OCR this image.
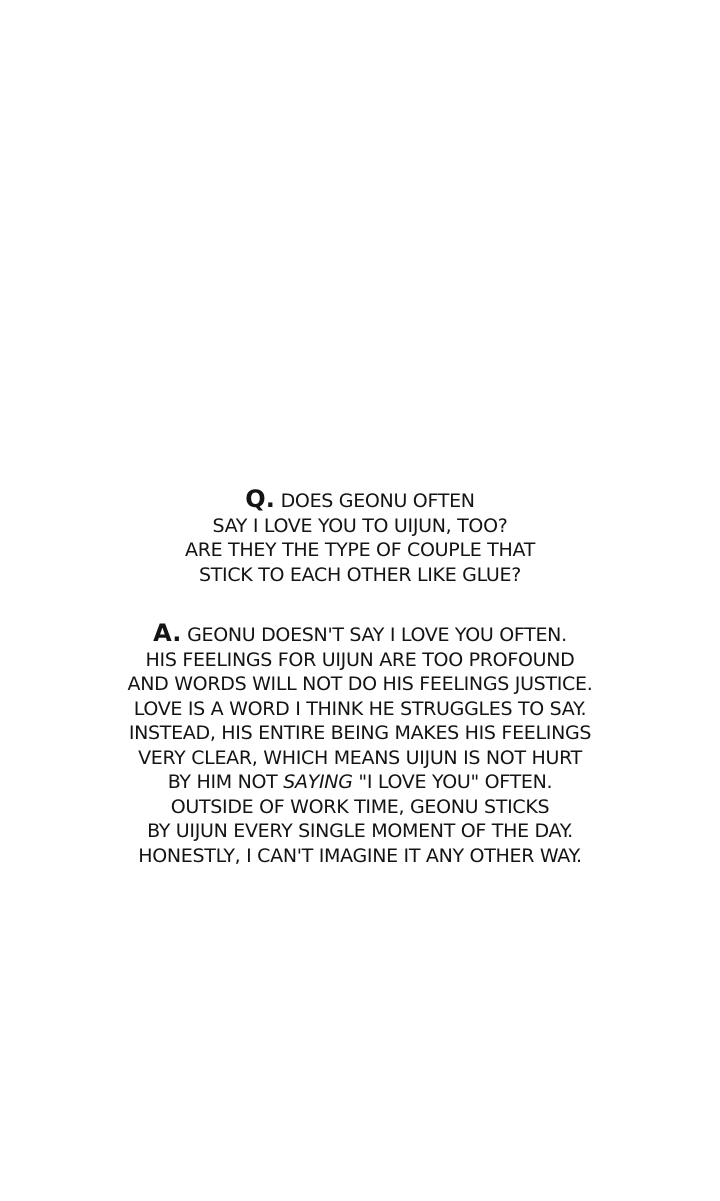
Q. DOES GEONU OFTEN
SAY I LOVE YOU TO UIJUN, TOO?
ARE THEY THE TYPE OF COUPLE THAT
STICK TO EACH OTHER LIKE GLUE?
A. GEONU DOESN'T SAY I LOVE YOU OFTEN.
HIS FEELINGS FOR UIJUN ARE TOO PROFOUND
AND WORDS WILL NOT DO HIS FEELINGS JUSTICE.
LOVE IS A WORD I THINK HE STRUGGLES TO SAY.
INSTEAD, HIS ENTIRE BEING MAKES HIS FEELINGS
VERY CLEAR, WHICH MEANS UIJUN IS NOT HURT
BY HIM NOT SAYING "I LOVE YOU" OFTEN.
OUTSIDE OF WORK TIME, GEONU STICKS
BY UIJUN EVERY SINGLE MOMENT OF THE DAY.
HONESTLY, I CAN'T IMAGINE IT ANY OTHER WAY.
